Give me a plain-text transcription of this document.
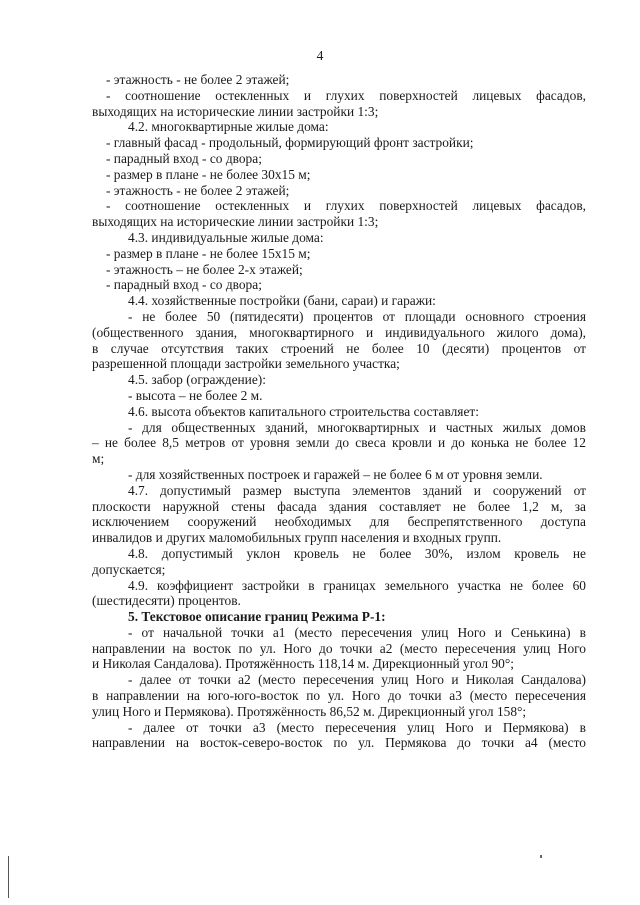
4
- этажность - не более 2 этажей;
- соотношение остекленных и глухих поверхностей лицевых фасадов,
выходящих на исторические линии застройки 1:3;
4.2. многоквартирные жилые дома:
- главный фасад - продольный, формирующий фронт застройки;
- парадный вход - со двора;
- размер в плане - не более 30х15 м;
- этажность - не более 2 этажей;
- соотношение остекленных и глухих поверхностей лицевых фасадов,
выходящих на исторические линии застройки 1:3;
4.3. индивидуальные жилые дома:
- размер в плане - не более 15х15 м;
- этажность – не более 2-х этажей;
- парадный вход - со двора;
4.4. хозяйственные постройки (бани, сараи) и гаражи:
- не более 50 (пятидесяти) процентов от площади основного строения
(общественного здания, многоквартирного и индивидуального жилого дома),
в случае отсутствия таких строений не более 10 (десяти) процентов от
разрешенной площади застройки земельного участка;
4.5. забор (ограждение):
- высота – не более 2 м.
4.6. высота объектов капитального строительства составляет:
- для общественных зданий, многоквартирных и частных жилых домов
– не более 8,5 метров от уровня земли до свеса кровли и до конька не более 12
м;
- для хозяйственных построек и гаражей – не более 6 м от уровня земли.
4.7. допустимый размер выступа элементов зданий и сооружений от
плоскости наружной стены фасада здания составляет не более 1,2 м, за
исключением сооружений необходимых для беспрепятственного доступа
инвалидов и других маломобильных групп населения и входных групп.
4.8. допустимый уклон кровель не более 30%, излом кровель не
допускается;
4.9. коэффициент застройки в границах земельного участка не более 60
(шестидесяти) процентов.
5. Текстовое описание границ Режима Р-1:
- от начальной точки а1 (место пересечения улиц Ного и Сенькина) в
направлении на восток по ул. Ного до точки а2 (место пересечения улиц Ного
и Николая Сандалова). Протяжённость 118,14 м. Дирекционный угол 90°;
- далее от точки а2 (место пересечения улиц Ного и Николая Сандалова)
в направлении на юго-юго-восток по ул. Ного до точки а3 (место пересечения
улиц Ного и Пермякова). Протяжённость 86,52 м. Дирекционный угол 158°;
- далее от точки а3 (место пересечения улиц Ного и Пермякова) в
направлении на восток-северо-восток по ул. Пермякова до точки а4 (место
